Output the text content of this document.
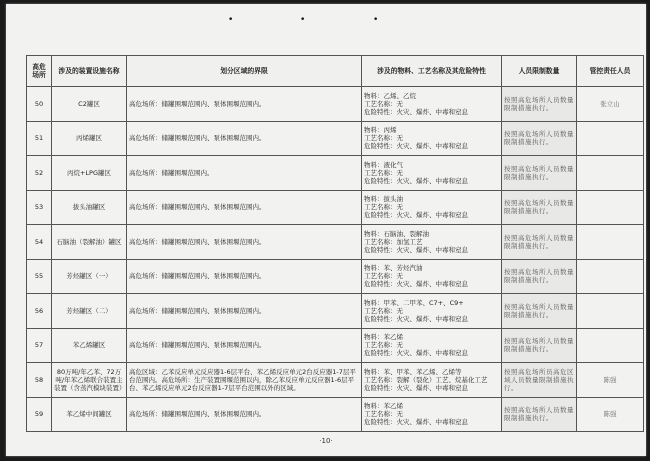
•	•	•
高危场所	涉及的装置设施名称	划分区域的界限	涉及的物料、工艺名称及其危险特性	人员限制数量	管控责任人员
50	C2罐区	高危场所：储罐围堰范围内、泵体围堰范围内。	物料：乙烯、乙烷
工艺名称：无
危险特性：火灾、爆炸、中毒和窒息	按照高危场所人员数量限制措施执行。	张立山
51	丙烯罐区	高危场所：储罐围堰范围内、泵体围堰范围内。	物料：丙烯
工艺名称：无
危险特性：火灾、爆炸、中毒和窒息	按照高危场所人员数量限制措施执行。	
52	丙烷+LPG罐区	高危场所：储罐围堰范围内。	物料：液化气
工艺名称：无
危险特性：火灾、爆炸、中毒和窒息	按照高危场所人员数量限制措施执行。	
53	拔头油罐区	高危场所：储罐围堰范围内、泵体围堰范围内。	物料：拔头油
工艺名称：无
危险特性：火灾、爆炸、中毒和窒息	按照高危场所人员数量限制措施执行。	
54	石脑油（裂解油）罐区	高危场所：储罐围堰范围内、泵体围堰范围内。	物料：石脑油、裂解油
工艺名称：加氢工艺
危险特性：火灾、爆炸、中毒和窒息	按照高危场所人员数量限制措施执行。	
55	芳烃罐区（一）	高危场所：储罐围堰范围内、泵体围堰范围内。	物料：苯、芳烃汽油
工艺名称：无
危险特性：火灾、爆炸、中毒和窒息	按照高危场所人员数量限制措施执行。	
56	芳烃罐区（二）	高危场所：储罐围堰范围内、泵体围堰范围内。	物料：甲苯、二甲苯、C7+、C9+
工艺名称：无
危险特性：火灾、爆炸、中毒和窒息	按照高危场所人员数量限制措施执行。	
57	苯乙烯罐区	高危场所：储罐围堰范围内、泵体围堰范围内。	物料：苯乙烯
工艺名称：无
危险特性：火灾、爆炸、中毒和窒息	按照高危场所人员数量限制措施执行。	
58	80万吨/年乙苯、72万吨/年苯乙烯联合装置主装置（含蒸汽模块装置）	高危区域：乙苯反应单元反应器1-6层平台、苯乙烯反应单元2台反应器1-7层平台范围内。高危场所：生产装置围堰范围以内，除乙苯反应单元反应器1-6层平台、苯乙烯反应单元2台反应器1-7层平台范围以外的区域。	物料：苯、甲苯、苯乙烯、乙烯等
工艺名称：裂解（裂化）工艺、烷基化工艺
危险特性：火灾、爆炸、中毒和窒息	按照高危场所员高危区域人员数量限制措施执行。	陈强
59	苯乙烯中间罐区	高危场所：储罐围堰范围内、泵体围堰范围内。	物料：苯乙烯
工艺名称：无
危险特性：火灾、爆炸、中毒和窒息	按照高危场所人员数量限制措施执行。	陈强
·10·
